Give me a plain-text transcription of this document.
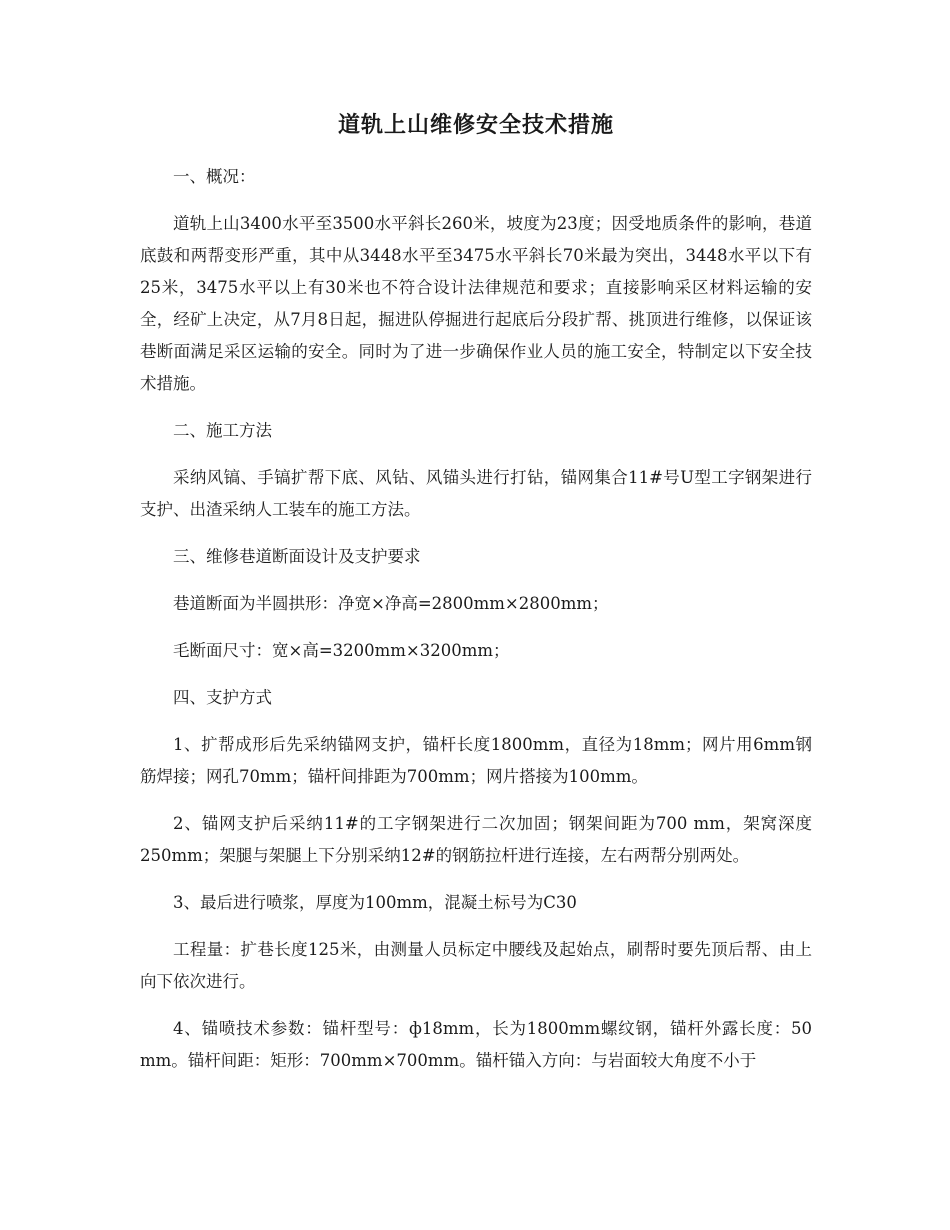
道轨上山维修安全技术措施

一、概况：

道轨上山3400水平至3500水平斜长260米，坡度为23度；因受地质条件的影响，巷道底鼓和两帮变形严重，其中从3448水平至3475水平斜长70米最为突出，3448水平以下有25米，3475水平以上有30米也不符合设计法律规范和要求；直接影响采区材料运输的安全，经矿上决定，从7月8日起，掘进队停掘进行起底后分段扩帮、挑顶进行维修，以保证该巷断面满足采区运输的安全。同时为了进一步确保作业人员的施工安全，特制定以下安全技术措施。

二、施工方法

采纳风镐、手镐扩帮下底、风钻、风锚头进行打钻，锚网集合11#号U型工字钢架进行支护、出渣采纳人工装车的施工方法。

三、维修巷道断面设计及支护要求

巷道断面为半圆拱形：净宽×净高=2800mm×2800mm；

毛断面尺寸：宽×高=3200mm×3200mm；

四、支护方式

1、扩帮成形后先采纳锚网支护，锚杆长度1800mm，直径为18mm；网片用6mm钢筋焊接；网孔70mm；锚杆间排距为700mm；网片搭接为100mm。

2、锚网支护后采纳11#的工字钢架进行二次加固；钢架间距为700 mm，架窝深度250mm；架腿与架腿上下分别采纳12#的钢筋拉杆进行连接，左右两帮分别两处。

3、最后进行喷浆，厚度为100mm，混凝土标号为C30

工程量：扩巷长度125米，由测量人员标定中腰线及起始点，刷帮时要先顶后帮、由上向下依次进行。

4、锚喷技术参数：锚杆型号：ф18mm，长为1800mm螺纹钢，锚杆外露长度：50 mm。锚杆间距：矩形：700mm×700mm。锚杆锚入方向：与岩面较大角度不小于
